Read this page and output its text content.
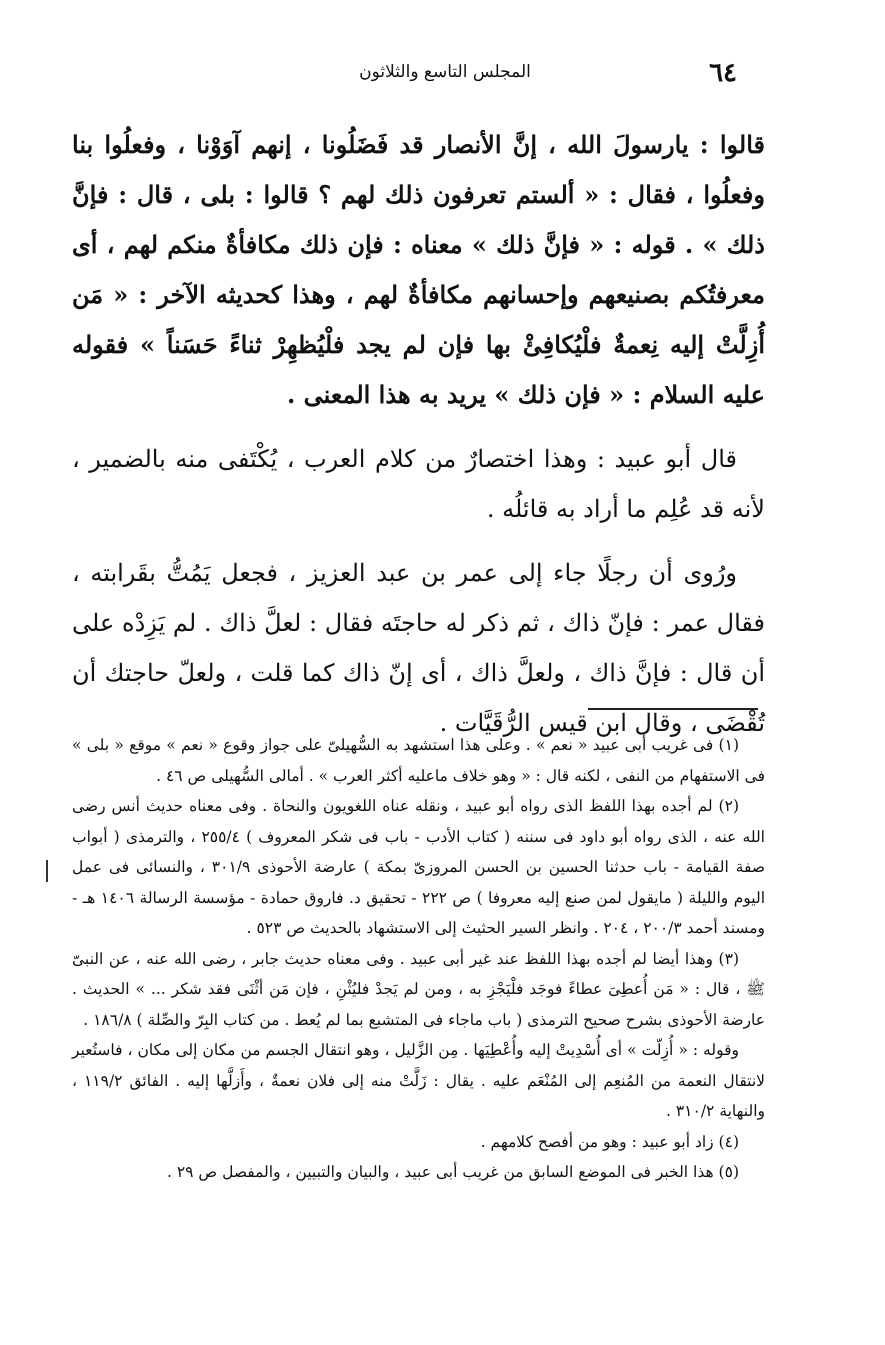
٦٤
المجلس التاسع والثلاثون

قالوا : يارسولَ الله ، إنَّ الأنصار قد فَضَلُونا ، إنهم آوَوْنا ، وفعلُوا بنا وفعلُوا ، فقال : « ألستم تعرفون ذلك لهم ؟ قالوا : بلى ، قال : فإنَّ ذلك » . قوله : « فإنَّ ذلك » معناه : فإن ذلك مكافأةٌ منكم لهم ، أى معرفتُكم بصنيعهم وإحسانهم مكافأةٌ لهم ، وهذا كحديثه الآخر : « مَن أُزِلَّتْ إليه نِعمةٌ فلْيُكافِئْ بها فإن لم يجد فلْيُظهِرْ ثناءً حَسَناً » فقوله عليه السلام : « فإن ذلك » يريد به هذا المعنى .

قال أبو عبيد : وهذا اختصارٌ من كلام العرب ، يُكْتَفى منه بالضمير ، لأنه قد عُلِم ما أراد به قائلُه .

ورُوى أن رجلًا جاء إلى عمر بن عبد العزيز ، فجعل يَمُتُّ بقَرابته ، فقال عمر : فإنّ ذاك ، ثم ذكر له حاجتَه فقال : لعلَّ ذاك . لم يَزِدْه على أن قال : فإنَّ ذاك ، ولعلَّ ذاك ، أى إنّ ذاك كما قلت ، ولعلّ حاجتك أن تُقْضَى ، وقال ابن قيس الرُّقَيَّات .

(١) فى غريب أبى عبيد « نعم » . وعلى هذا استشهد به السُّهيلىّ على جواز وقوع « نعم » موقع « بلى » فى الاستفهام من النفى ، لكنه قال : « وهو خلاف ماعليه أكثر العرب » . أمالى السُّهيلى ص ٤٦ .

(٢) لم أجده بهذا اللفظ الذى رواه أبو عبيد ، ونقله عناه اللغويون والنحاة . وفى معناه حديث أنس رضى الله عنه ، الذى رواه أبو داود فى سننه ( كتاب الأدب - باب فى شكر المعروف ) ٢٥٥/٤ ، والترمذى ( أبواب صفة القيامة - باب حدثنا الحسين بن الحسن المروزىّ بمكة ) عارضة الأحوذى ٣٠١/٩ ، والنسائى فى عمل اليوم والليلة ( مايقول لمن صنع إليه معروفا ) ص ٢٢٢ - تحقيق د. فاروق حمادة - مؤسسة الرسالة ١٤٠٦ هـ - ومسند أحمد ٢٠٠/٣ ، ٢٠٤ . وانظر السير الحثيث إلى الاستشهاد بالحديث ص ٥٢٣ .

(٣) وهذا أيضا لم أجده بهذا اللفظ عند غير أبى عبيد . وفى معناه حديث جابر ، رضى الله عنه ، عن النبىّ ﷺ ، قال : « مَن أُعطِىَ عطاءً فوجَد فلْيَجْزِ به ، ومن لم يَجدْ فليُثْنِ ، فإن مَن أثْنَى فقد شكر ... » الحديث . عارضة الأحوذى بشرح صحيح الترمذى ( باب ماجاء فى المتشبع بما لم يُعط . من كتاب البِرّ والصِّلة ) ١٨٦/٨ .

وقوله : « أُزِلّت » أى أُسْدِيتْ إليه وأُعْطِيَها . مِن الزَّليل ، وهو انتقال الجسم من مكان إلى مكان ، فاستُعير لانتقال النعمة من المُنعِم إلى المُنْعَم عليه . يقال : زَلَّتْ منه إلى فلان نعمةٌ ، وأَزلَّها إليه . الفائق ١١٩/٢ ، والنهاية ٣١٠/٢ .

(٤) زاد أبو عبيد : وهو من أفصح كلامهم .

(٥) هذا الخبر فى الموضع السابق من غريب أبى عبيد ، والبيان والتبيين ، والمفصل ص ٢٩ .
